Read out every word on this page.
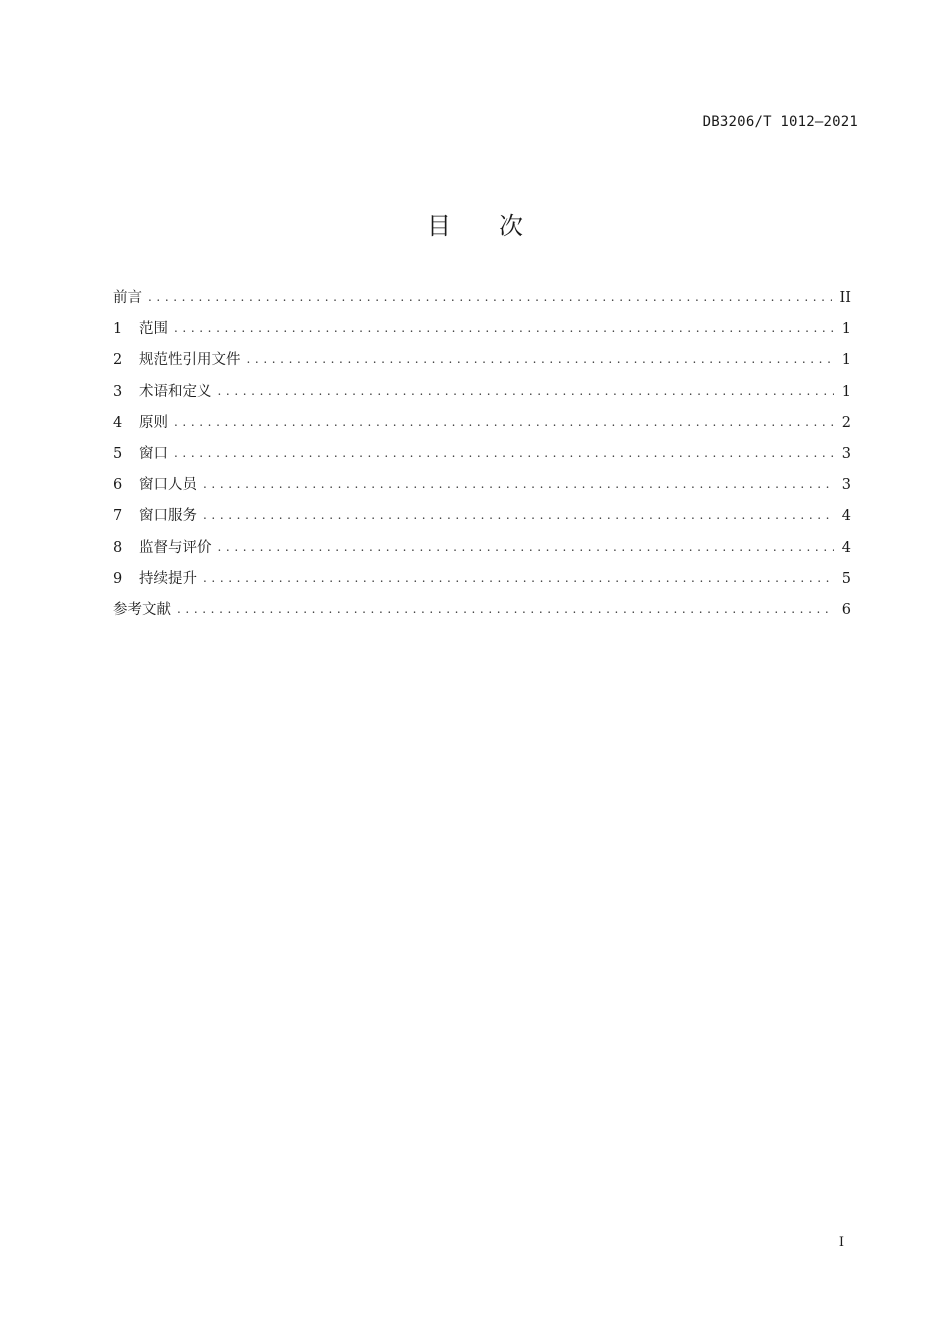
DB3206/T 1012—2021
目次
前言 .....	II
1	范围 .....	1
2	规范性引用文件 .....	1
3	术语和定义 .....	1
4	原则 .....	2
5	窗口 .....	3
6	窗口人员 .....	3
7	窗口服务 .....	4
8	监督与评价 .....	4
9	持续提升 .....	5
参考文献 .....	6
I
